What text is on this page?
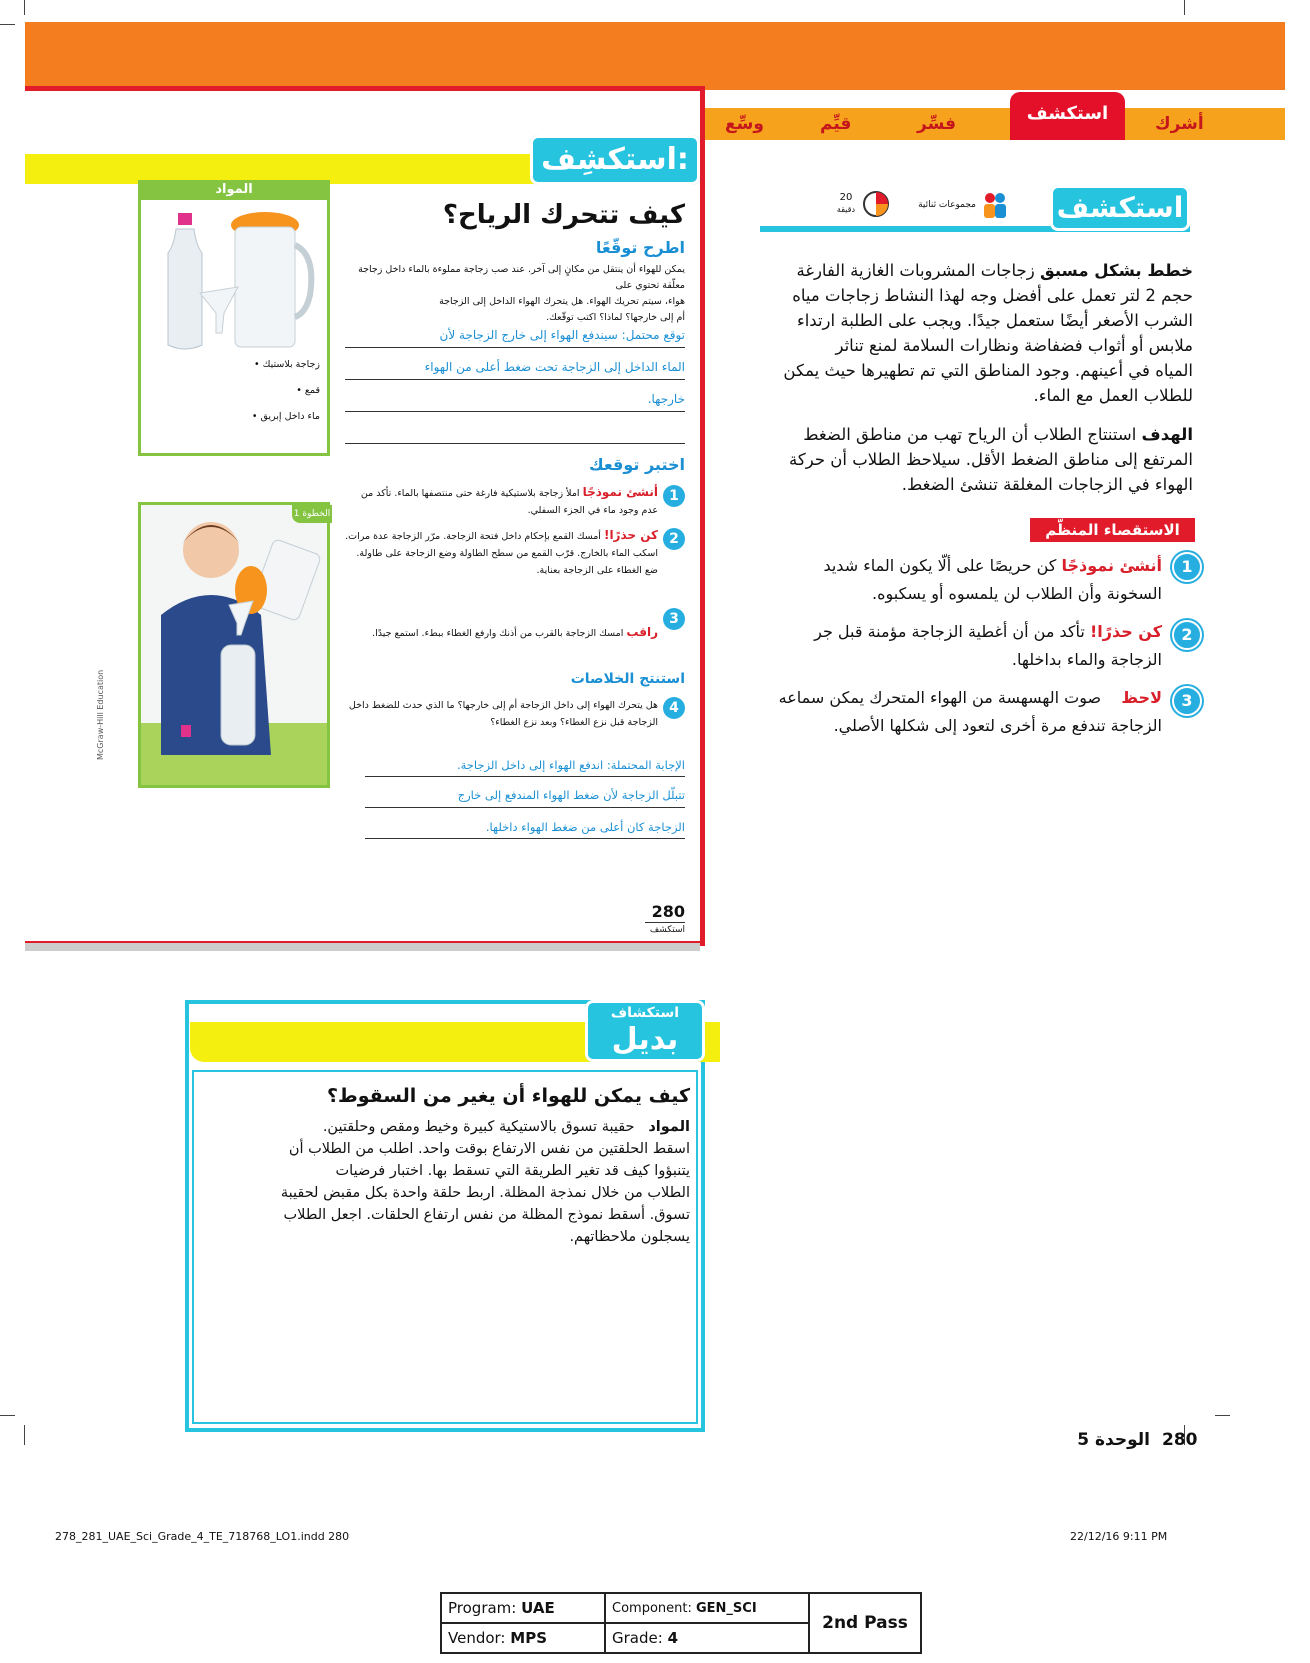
وسِّع	قيِّم	فسِّر	استكشف	أشرك
استكشِف:
كيف تتحرك الرياح؟
اطرح توقّعًا
يمكن للهواء أن ينتقل من مكانٍ إلى آخر. عند صب زجاجة مملوءة بالماء داخل زجاجة معلّقة تحتوي على
هواء، سيتم تحريك الهواء. هل يتحرك الهواء الداخل إلى الزجاجة
أم إلى خارجها؟ لماذا؟ اكتب توقّعك.
توقع محتمل: سيندفع الهواء إلى خارج الزجاجة لأن
الماء الداخل إلى الزجاجة تحت ضغط أعلى من الهواء
خارجها.
المواد
زجاجة بلاستيك •
قمع •
ماء داخل إبريق •
اختبر توقعك
1
أنشئ نموذجًا املأ زجاجة بلاستيكية فارغة حتى منتصفها بالماء. تأكد من عدم وجود ماء في الجزء السفلي.
2
كن حذرًا! أمسك القمع بإحكام داخل فتحة الزجاجة. مرّر الزجاجة عدة مرات. اسكب الماء بالخارج. قرّب القمع من سطح الطاولة وضع الزجاجة على طاولة. ضع الغطاء على الزجاجة بعناية.
3
راقب امسك الزجاجة بالقرب من أذنك وارفع الغطاء ببطء. استمع جيدًا.
استنتج الخلاصات
4
هل يتحرك الهواء إلى داخل الزجاجة أم إلى خارجها؟ ما الذي حدث للضغط داخل الزجاجة قبل نزع الغطاء؟ وبعد نزع الغطاء؟
الإجابة المحتملة: اندفع الهواء إلى داخل الزجاجة.
تتبلّل الزجاجة لأن ضغط الهواء المندفع إلى خارج
الزجاجة كان أعلى من ضغط الهواء داخلها.
الخطوة 1
McGraw-Hill Education
280
استكشف
استكشف
مجموعات ثنائية
20
دقيقة
خطط بشكل مسبق زجاجات المشروبات الغازية الفارغة
حجم 2 لتر تعمل على أفضل وجه لهذا النشاط زجاجات مياه
الشرب الأصغر أيضًا ستعمل جيدًا. ويجب على الطلبة ارتداء
ملابس أو أثواب فضفاضة ونظارات السلامة لمنع تناثر
المياه في أعينهم. وجود المناطق التي تم تطهيرها حيث يمكن
للطلاب العمل مع الماء.
الهدف استنتاج الطلاب أن الرياح تهب من مناطق الضغط
المرتفع إلى مناطق الضغط الأقل. سيلاحظ الطلاب أن حركة
الهواء في الزجاجات المغلقة تنشئ الضغط.
الاستقصاء المنظَّم
1
أنشئ نموذجًا كن حريصًا على ألّا يكون الماء شديد
السخونة وأن الطلاب لن يلمسوه أو يسكبوه.
2
كن حذرًا! تأكد من أن أغطية الزجاجة مؤمنة قبل جر
الزجاجة والماء بداخلها.
3
لاحظ    صوت الهسهسة من الهواء المتحرك يمكن سماعه
الزجاجة تندفع مرة أخرى لتعود إلى شكلها الأصلي.
استكشاف
بديل
كيف يمكن للهواء أن يغير من السقوط؟
المواد   حقيبة تسوق بالاستيكية كبيرة وخيط ومقص وحلقتين.
اسقط الحلقتين من نفس الارتفاع بوقت واحد. اطلب من الطلاب أن
يتنبؤوا كيف قد تغير الطريقة التي تسقط بها. اختبار فرضيات
الطلاب من خلال نمذجة المظلة. اربط حلقة واحدة بكل مقبض لحقيبة
تسوق. أسقط نموذج المظلة من نفس ارتفاع الحلقات. اجعل الطلاب
يسجلون ملاحظاتهم.
280
الوحدة 5
278_281_UAE_Sci_Grade_4_TE_718768_LO1.indd 280	22/12/16 9:11 PM
Program: UAE	Component: GEN_SCI	2nd Pass
Vendor: MPS	Grade: 4	
